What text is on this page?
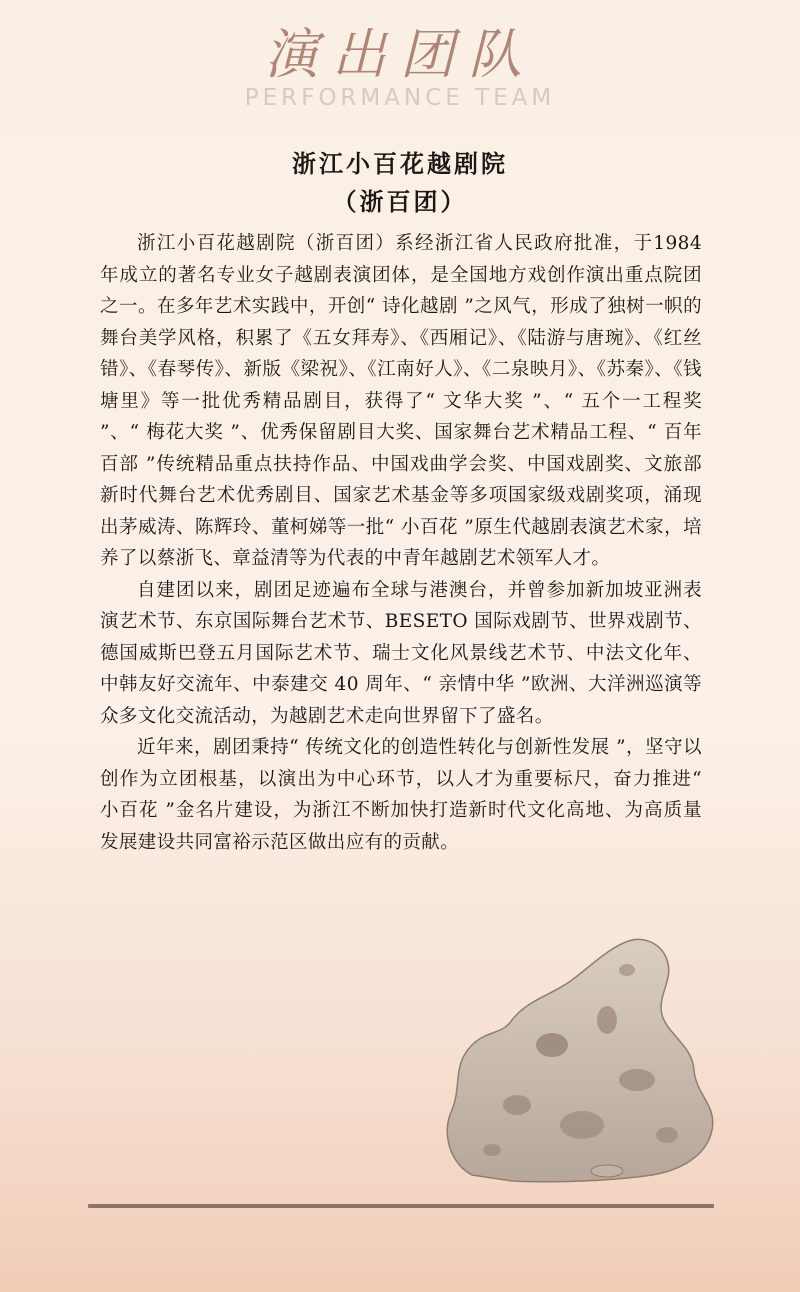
演出团队
PERFORMANCE TEAM
浙江小百花越剧院
（浙百团）

浙江小百花越剧院（浙百团）系经浙江省人民政府批准，于1984 年成立的著名专业女子越剧表演团体，是全国地方戏创作演出重点院团之一。在多年艺术实践中，开创“ 诗化越剧 ”之风气，形成了独树一帜的舞台美学风格，积累了《五女拜寿》、《西厢记》、《陆游与唐琬》、《红丝错》、《春琴传》、新版《梁祝》、《江南好人》、《二泉映月》、《苏秦》、《钱塘里》等一批优秀精品剧目，获得了“ 文华大奖 ”、“ 五个一工程奖 ”、“ 梅花大奖 ”、优秀保留剧目大奖、国家舞台艺术精品工程、“ 百年百部 ”传统精品重点扶持作品、中国戏曲学会奖、中国戏剧奖、文旅部新时代舞台艺术优秀剧目、国家艺术基金等多项国家级戏剧奖项，涌现出茅威涛、陈辉玲、董柯娣等一批“ 小百花 ”原生代越剧表演艺术家，培养了以蔡浙飞、章益清等为代表的中青年越剧艺术领军人才。

自建团以来，剧团足迹遍布全球与港澳台，并曾参加新加坡亚洲表演艺术节、东京国际舞台艺术节、BESETO 国际戏剧节、世界戏剧节、德国威斯巴登五月国际艺术节、瑞士文化风景线艺术节、中法文化年、中韩友好交流年、中泰建交 40 周年、“ 亲情中华 ”欧洲、大洋洲巡演等众多文化交流活动，为越剧艺术走向世界留下了盛名。

近年来，剧团秉持“ 传统文化的创造性转化与创新性发展 ”，坚守以创作为立团根基，以演出为中心环节，以人才为重要标尺，奋力推进“ 小百花 ”金名片建设，为浙江不断加快打造新时代文化高地、为高质量发展建设共同富裕示范区做出应有的贡献。
